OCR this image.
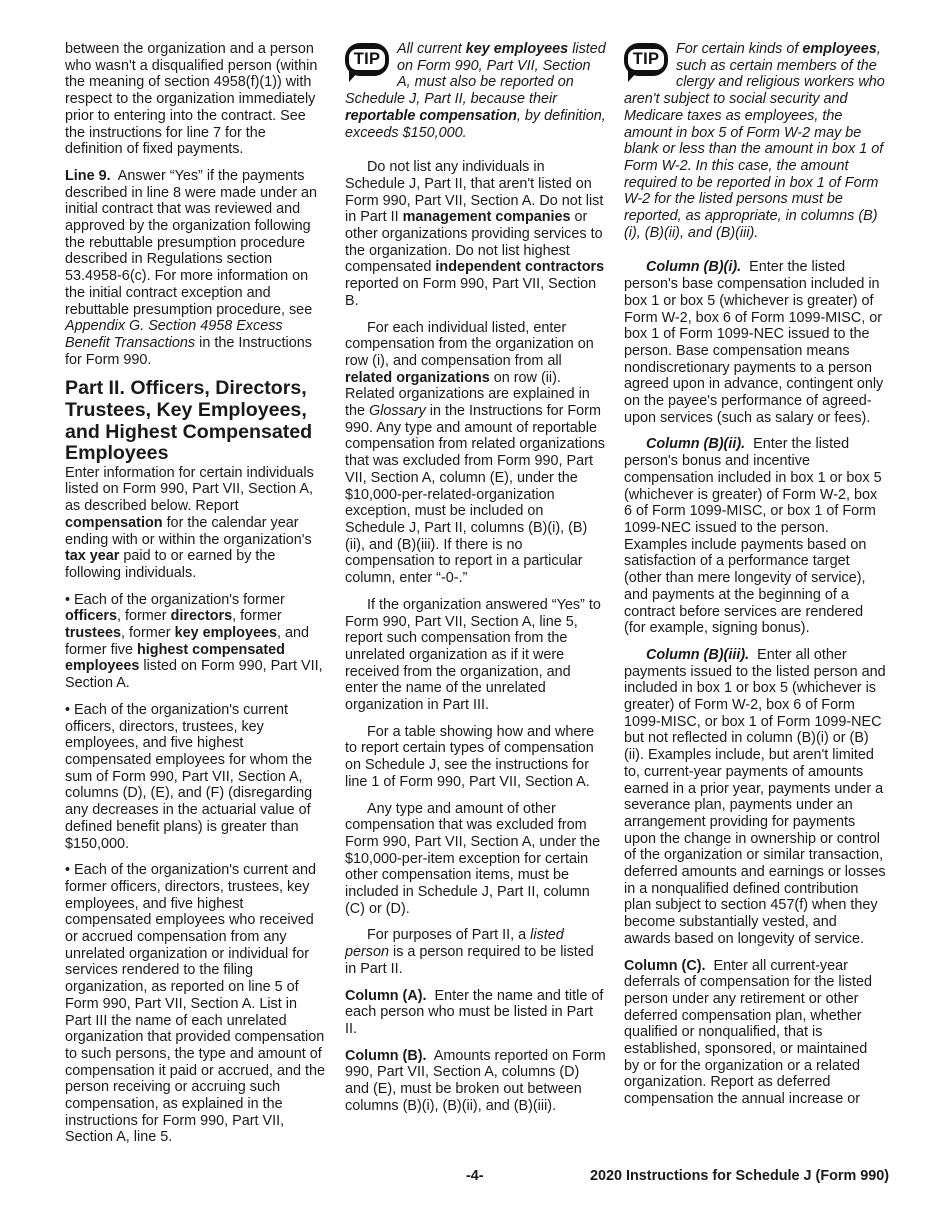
between the organization and a person who wasn't a disqualified person (within the meaning of section 4958(f)(1)) with respect to the organization immediately prior to entering into the contract. See the instructions for line 7 for the definition of fixed payments.

Line 9. Answer “Yes” if the payments described in line 8 were made under an initial contract that was reviewed and approved by the organization following the rebuttable presumption procedure described in Regulations section 53.4958-6(c). For more information on the initial contract exception and rebuttable presumption procedure, see Appendix G. Section 4958 Excess Benefit Transactions in the Instructions for Form 990.

Part II. Officers, Directors, Trustees, Key Employees, and Highest Compensated Employees

Enter information for certain individuals listed on Form 990, Part VII, Section A, as described below. Report compensation for the calendar year ending with or within the organization's tax year paid to or earned by the following individuals.

• Each of the organization's former officers, former directors, former trustees, former key employees, and former five highest compensated employees listed on Form 990, Part VII, Section A.

• Each of the organization's current officers, directors, trustees, key employees, and five highest compensated employees for whom the sum of Form 990, Part VII, Section A, columns (D), (E), and (F) (disregarding any decreases in the actuarial value of defined benefit plans) is greater than $150,000.

• Each of the organization's current and former officers, directors, trustees, key employees, and five highest compensated employees who received or accrued compensation from any unrelated organization or individual for services rendered to the filing organization, as reported on line 5 of Form 990, Part VII, Section A. List in Part III the name of each unrelated organization that provided compensation to such persons, the type and amount of compensation it paid or accrued, and the person receiving or accruing such compensation, as explained in the instructions for Form 990, Part VII, Section A, line 5.

TIP
All current key employees listed on Form 990, Part VII, Section A, must also be reported on Schedule J, Part II, because their reportable compensation, by definition, exceeds $150,000.

Do not list any individuals in Schedule J, Part II, that aren't listed on Form 990, Part VII, Section A. Do not list in Part II management companies or other organizations providing services to the organization. Do not list highest compensated independent contractors reported on Form 990, Part VII, Section B.

For each individual listed, enter compensation from the organization on row (i), and compensation from all related organizations on row (ii). Related organizations are explained in the Glossary in the Instructions for Form 990. Any type and amount of reportable compensation from related organizations that was excluded from Form 990, Part VII, Section A, column (E), under the $10,000-per-related-organization exception, must be included on Schedule J, Part II, columns (B)(i), (B)(ii), and (B)(iii). If there is no compensation to report in a particular column, enter “-0-.”

If the organization answered “Yes” to Form 990, Part VII, Section A, line 5, report such compensation from the unrelated organization as if it were received from the organization, and enter the name of the unrelated organization in Part III.

For a table showing how and where to report certain types of compensation on Schedule J, see the instructions for line 1 of Form 990, Part VII, Section A.

Any type and amount of other compensation that was excluded from Form 990, Part VII, Section A, under the $10,000-per-item exception for certain other compensation items, must be included in Schedule J, Part II, column (C) or (D).

For purposes of Part II, a listed person is a person required to be listed in Part II.

Column (A). Enter the name and title of each person who must be listed in Part II.

Column (B). Amounts reported on Form 990, Part VII, Section A, columns (D) and (E), must be broken out between columns (B)(i), (B)(ii), and (B)(iii).

TIP
For certain kinds of employees, such as certain members of the clergy and religious workers who aren't subject to social security and Medicare taxes as employees, the amount in box 5 of Form W-2 may be blank or less than the amount in box 1 of Form W-2. In this case, the amount required to be reported in box 1 of Form W-2 for the listed persons must be reported, as appropriate, in columns (B)(i), (B)(ii), and (B)(iii).

Column (B)(i). Enter the listed person's base compensation included in box 1 or box 5 (whichever is greater) of Form W-2, box 6 of Form 1099-MISC, or box 1 of Form 1099-NEC issued to the person. Base compensation means nondiscretionary payments to a person agreed upon in advance, contingent only on the payee's performance of agreed-upon services (such as salary or fees).

Column (B)(ii). Enter the listed person's bonus and incentive compensation included in box 1 or box 5 (whichever is greater) of Form W-2, box 6 of Form 1099-MISC, or box 1 of Form 1099-NEC issued to the person. Examples include payments based on satisfaction of a performance target (other than mere longevity of service), and payments at the beginning of a contract before services are rendered (for example, signing bonus).

Column (B)(iii). Enter all other payments issued to the listed person and included in box 1 or box 5 (whichever is greater) of Form W-2, box 6 of Form 1099-MISC, or box 1 of Form 1099-NEC but not reflected in column (B)(i) or (B)(ii). Examples include, but aren't limited to, current-year payments of amounts earned in a prior year, payments under a severance plan, payments under an arrangement providing for payments upon the change in ownership or control of the organization or similar transaction, deferred amounts and earnings or losses in a nonqualified defined contribution plan subject to section 457(f) when they become substantially vested, and awards based on longevity of service.

Column (C). Enter all current-year deferrals of compensation for the listed person under any retirement or other deferred compensation plan, whether qualified or nonqualified, that is established, sponsored, or maintained by or for the organization or a related organization. Report as deferred compensation the annual increase or

-4-	2020 Instructions for Schedule J (Form 990)
